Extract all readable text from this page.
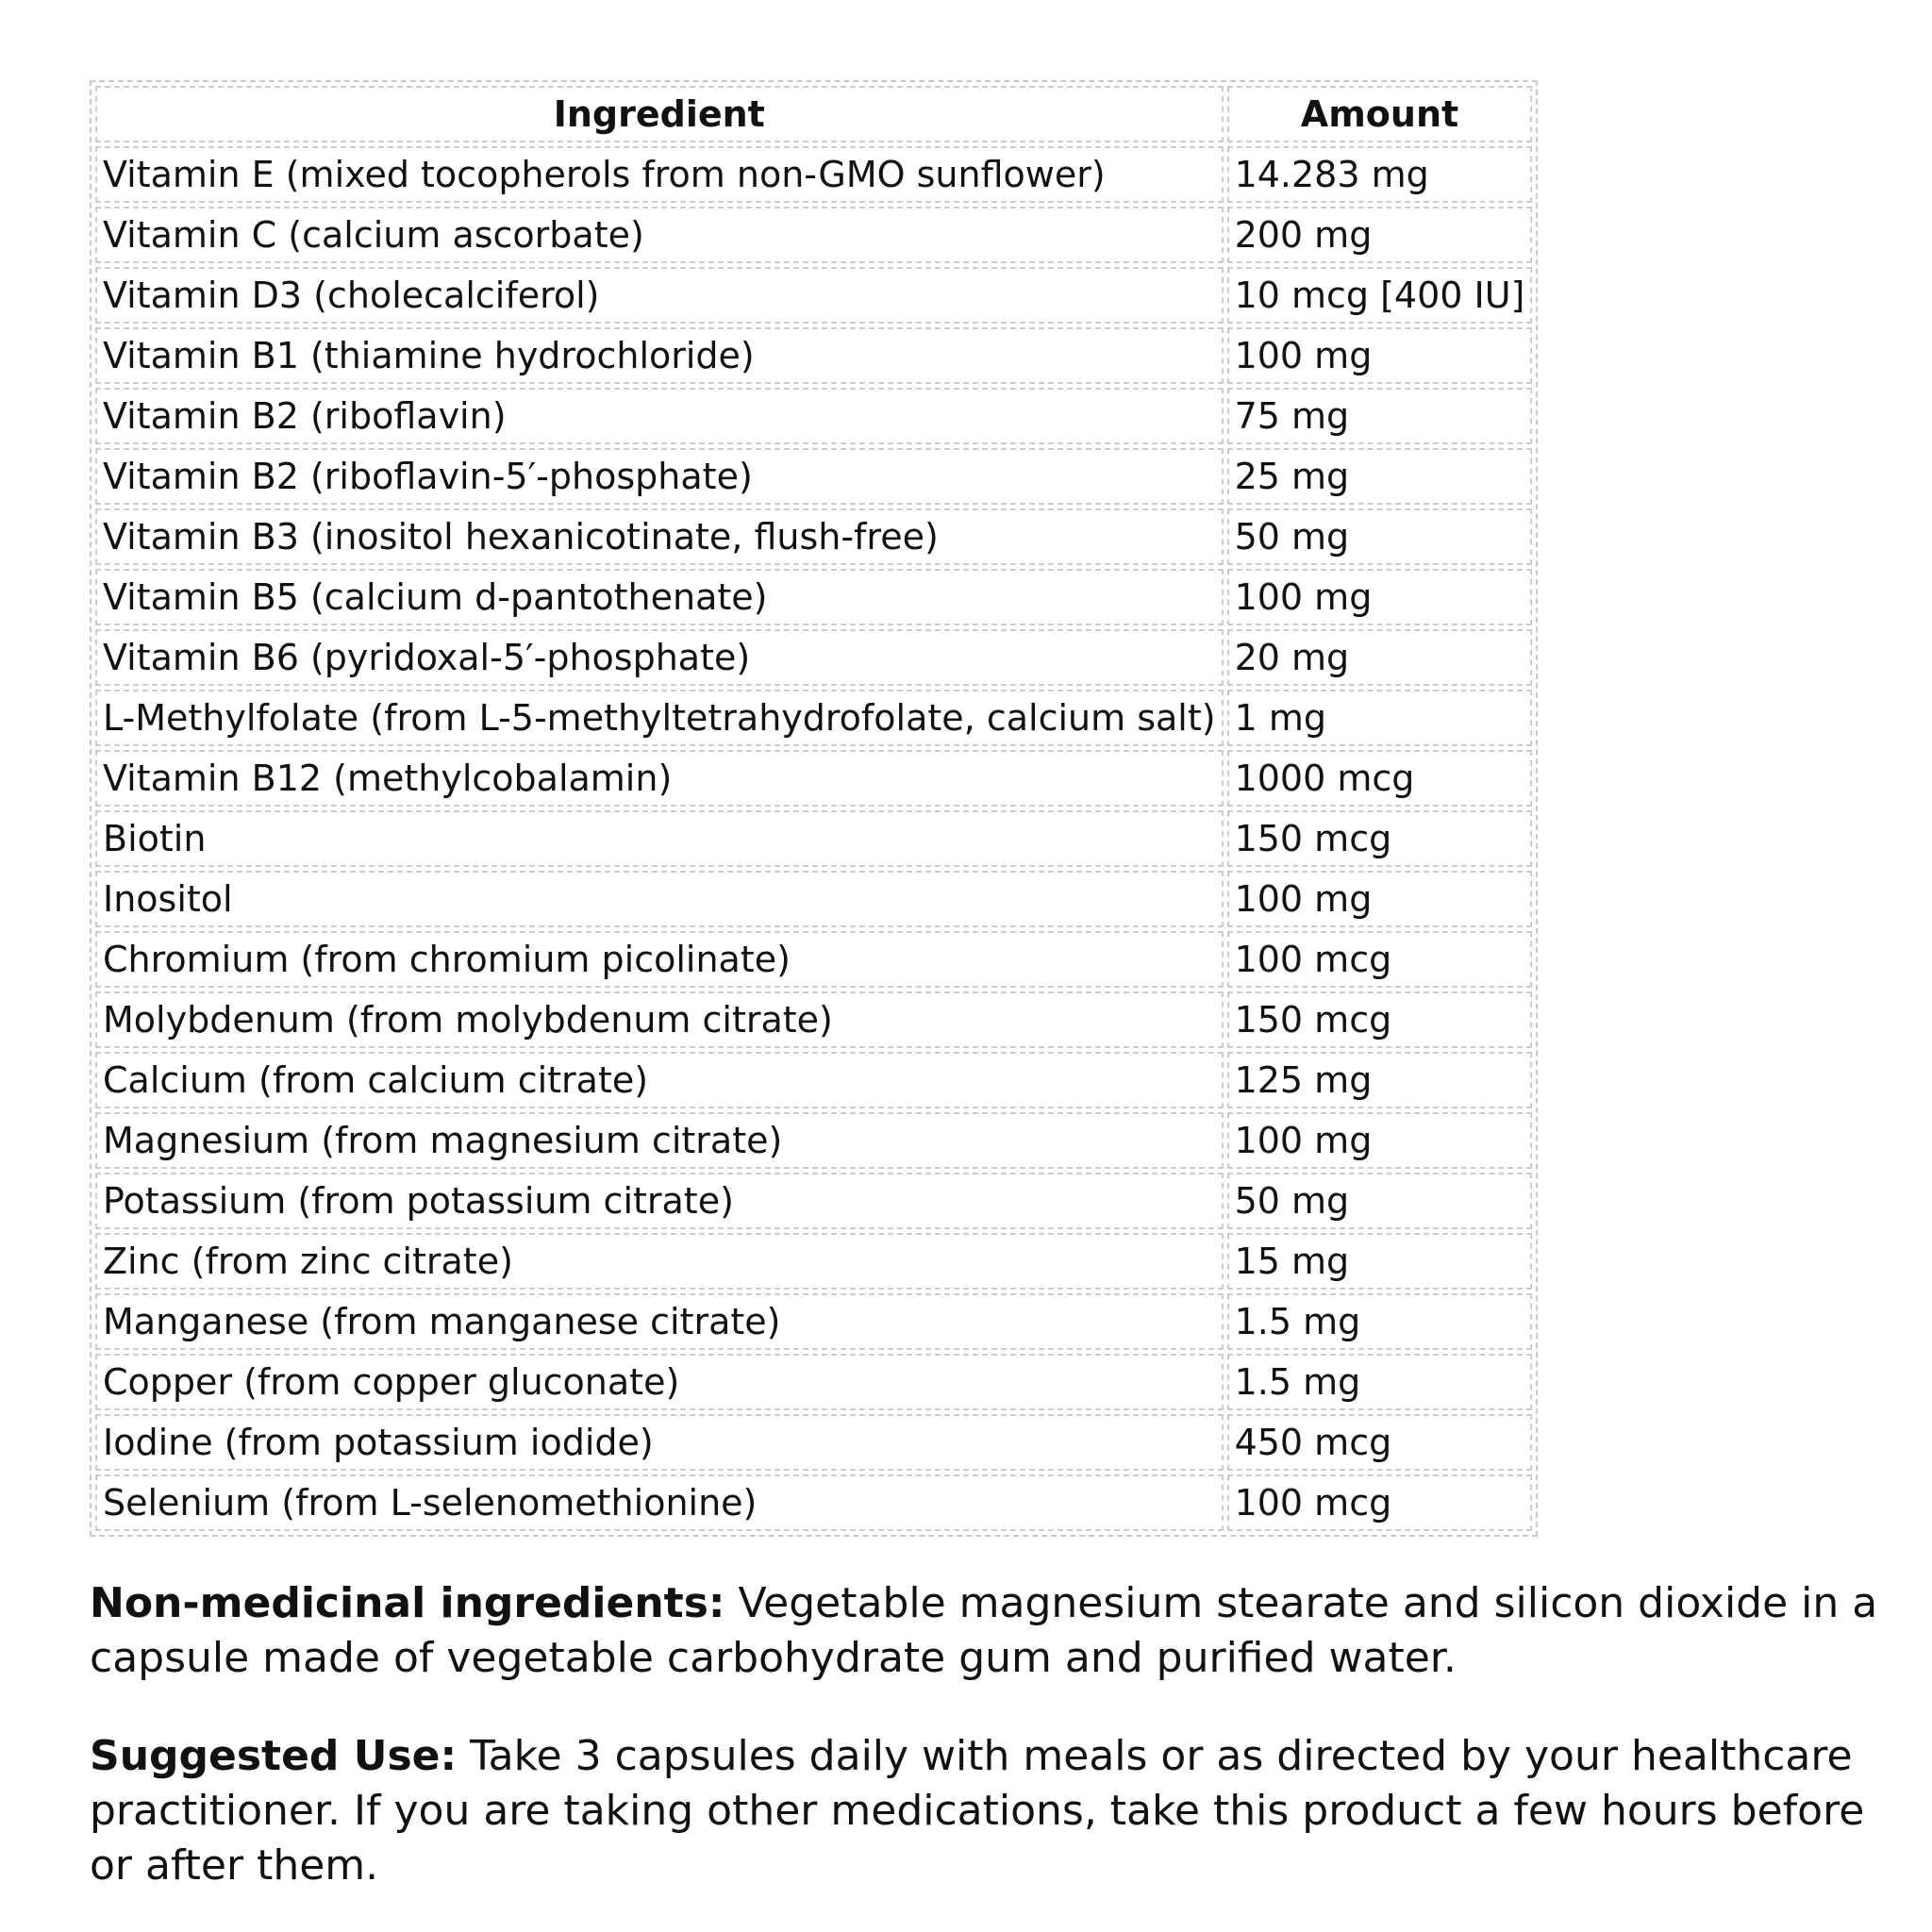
Ingredient	Amount
Vitamin E (mixed tocopherols from non-GMO sunflower)	14.283 mg
Vitamin C (calcium ascorbate)	200 mg
Vitamin D3 (cholecalciferol)	10 mcg [400 IU]
Vitamin B1 (thiamine hydrochloride)	100 mg
Vitamin B2 (riboflavin)	75 mg
Vitamin B2 (riboflavin-5′-phosphate)	25 mg
Vitamin B3 (inositol hexanicotinate, flush-free)	50 mg
Vitamin B5 (calcium d-pantothenate)	100 mg
Vitamin B6 (pyridoxal-5′-phosphate)	20 mg
L-Methylfolate (from L-5-methyltetrahydrofolate, calcium salt)	1 mg
Vitamin B12 (methylcobalamin)	1000 mcg
Biotin	150 mcg
Inositol	100 mg
Chromium (from chromium picolinate)	100 mcg
Molybdenum (from molybdenum citrate)	150 mcg
Calcium (from calcium citrate)	125 mg
Magnesium (from magnesium citrate)	100 mg
Potassium (from potassium citrate)	50 mg
Zinc (from zinc citrate)	15 mg
Manganese (from manganese citrate)	1.5 mg
Copper (from copper gluconate)	1.5 mg
Iodine (from potassium iodide)	450 mcg
Selenium (from L-selenomethionine)	100 mcg

Non-medicinal ingredients: Vegetable magnesium stearate and silicon dioxide in a capsule made of vegetable carbohydrate gum and purified water.

Suggested Use: Take 3 capsules daily with meals or as directed by your healthcare practitioner. If you are taking other medications, take this product a few hours before or after them.
